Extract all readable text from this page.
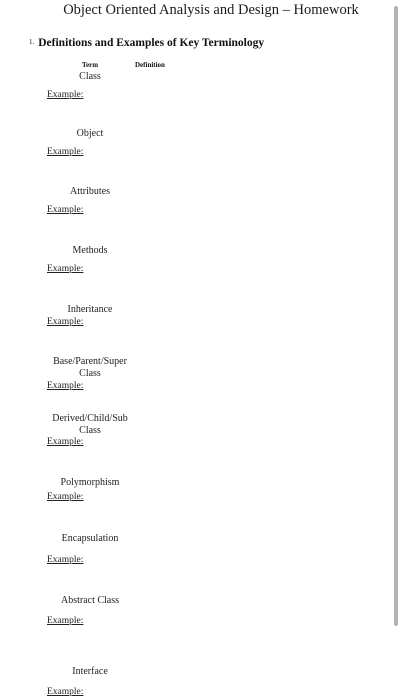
Object Oriented Analysis and Design – Homework
1. Definitions and Examples of Key Terminology
Term	Definition
Class
Example:
Object
Example:
Attributes
Example:
Methods
Example:
Inheritance
Example:
Base/Parent/Super
Class
Example:
Derived/Child/Sub
Class
Example:
Polymorphism
Example:
Encapsulation
Example:
Abstract Class
Example:
Interface
Example:
